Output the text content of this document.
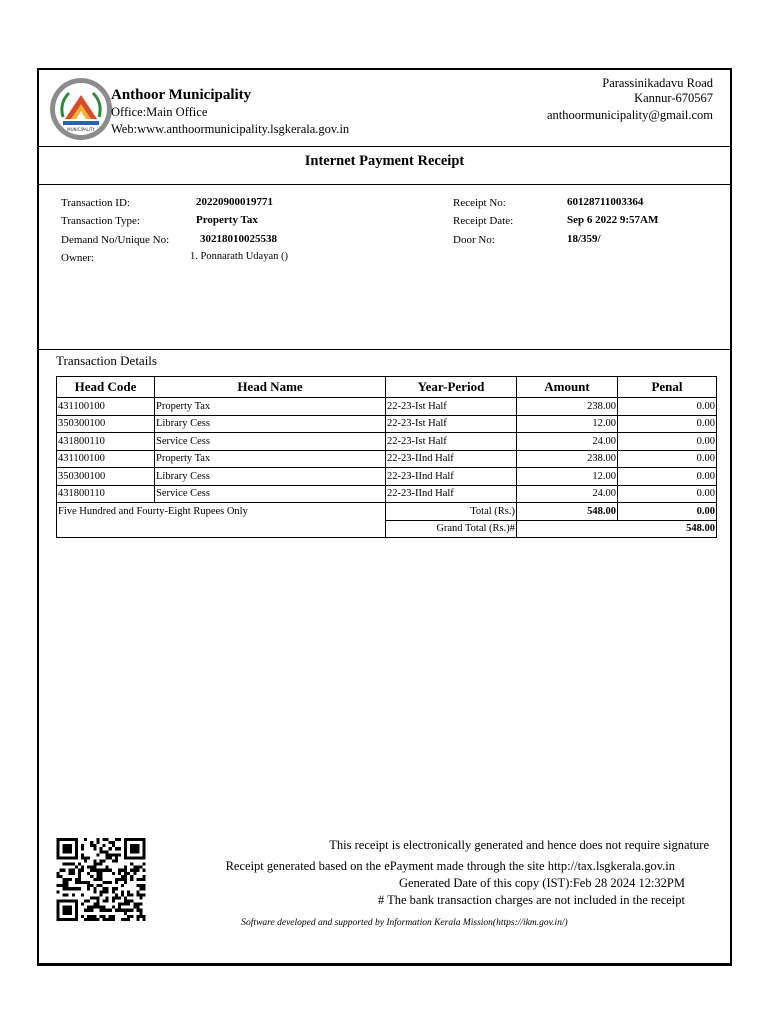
MUNICIPALITY
Anthoor Municipality
Office:Main Office
Web:www.anthoormunicipality.lsgkerala.gov.in
Parassinikadavu Road
Kannur-670567
anthoormunicipality@gmail.com
Internet Payment Receipt
Transaction ID:	20220900019771
Transaction Type:	Property Tax
Demand No/Unique No:	30218010025538
Owner:	1. Ponnarath Udayan ()
Receipt No:	60128711003364
Receipt Date:	Sep 6 2022 9:57AM
Door No:	18/359/
Transaction Details
Head Code	Head Name	Year-Period	Amount	Penal
431100100	Property Tax	22-23-Ist Half	238.00	0.00
350300100	Library Cess	22-23-Ist Half	12.00	0.00
431800110	Service Cess	22-23-Ist Half	24.00	0.00
431100100	Property Tax	22-23-IInd Half	238.00	0.00
350300100	Library Cess	22-23-IInd Half	12.00	0.00
431800110	Service Cess	22-23-IInd Half	24.00	0.00
Five Hundred and Fourty-Eight Rupees Only		Total (Rs.)	548.00	0.00
		Grand Total (Rs.)#	548.00	
This receipt is electronically generated and hence does not require signature
Receipt generated based on the ePayment made through the site http://tax.lsgkerala.gov.in
Generated Date of this copy (IST):Feb 28 2024 12:32PM
# The bank transaction charges are not included in the receipt
Software developed and supported by Information Kerala Mission(https://ikm.gov.in/)
